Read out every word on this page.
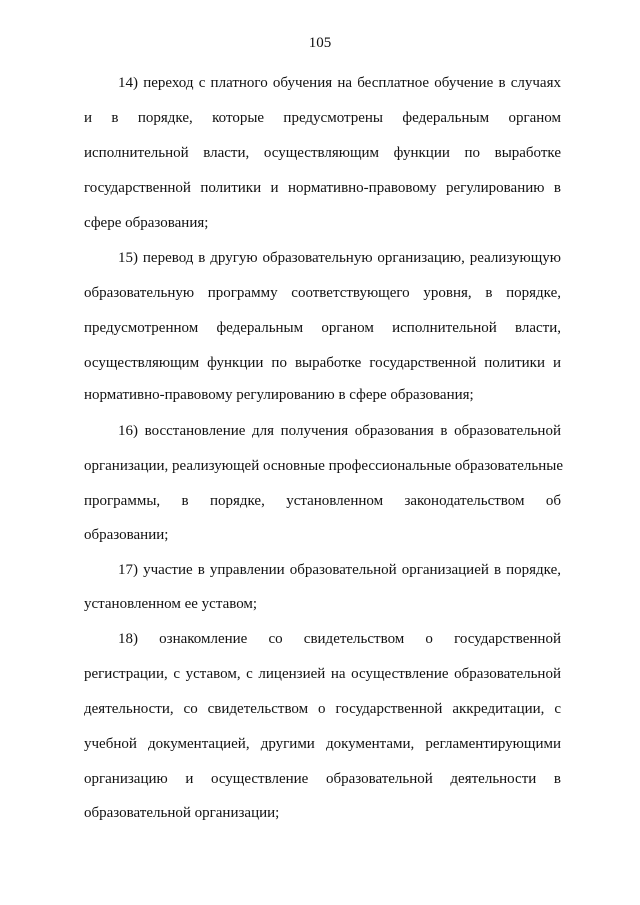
105
14) переход с платного обучения на бесплатное обучение в случаях
и в порядке, которые предусмотрены федеральным органом
исполнительной власти, осуществляющим функции по выработке
государственной политики и нормативно-правовому регулированию в
сфере образования;
15) перевод в другую образовательную организацию, реализующую
образовательную программу соответствующего уровня, в порядке,
предусмотренном федеральным органом исполнительной власти,
осуществляющим функции по выработке государственной политики и
нормативно-правовому регулированию в сфере образования;
16) восстановление для получения образования в образовательной
организации, реализующей основные профессиональные образовательные
программы, в порядке, установленном законодательством об
образовании;
17) участие в управлении образовательной организацией в порядке,
установленном ее уставом;
18) ознакомление со свидетельством о государственной
регистрации, с уставом, с лицензией на осуществление образовательной
деятельности, со свидетельством о государственной аккредитации, с
учебной документацией, другими документами, регламентирующими
организацию и осуществление образовательной деятельности в
образовательной организации;
